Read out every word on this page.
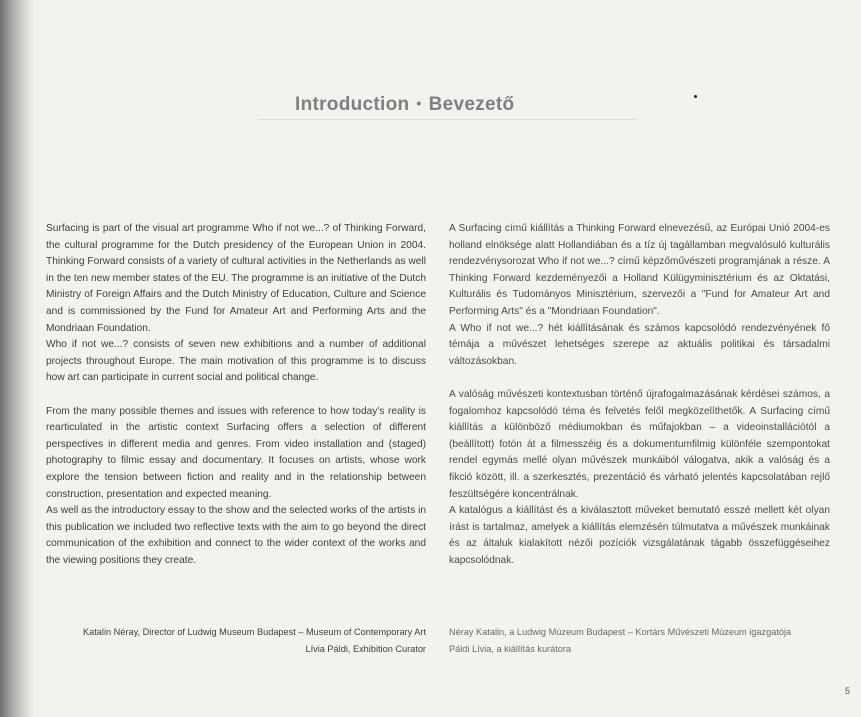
Introduction • Bevezető

Surfacing is part of the visual art programme Who if not we...? of Thinking Forward, the cultural programme for the Dutch presidency of the European Union in 2004. Thinking Forward consists of a variety of cultural activities in the Netherlands as well in the ten new member states of the EU. The programme is an initiative of the Dutch Ministry of Foreign Affairs and the Dutch Ministry of Education, Culture and Science and is commissioned by the Fund for Amateur Art and Performing Arts and the Mondriaan Foundation.

Who if not we...? consists of seven new exhibitions and a number of additional projects throughout Europe. The main motivation of this programme is to discuss how art can participate in current social and political change.

From the many possible themes and issues with reference to how today's reality is rearticulated in the artistic context Surfacing offers a selection of different perspectives in different media and genres. From video installation and (staged) photography to filmic essay and documentary. It focuses on artists, whose work explore the tension between fiction and reality and in the relationship between construction, presentation and expected meaning.

As well as the introductory essay to the show and the selected works of the artists in this publication we included two reflective texts with the aim to go beyond the direct communication of the exhibition and connect to the wider context of the works and the viewing positions they create.

A Surfacing című kiállítás a Thinking Forward elnevezésű, az Európai Unió 2004-es holland elnöksége alatt Hollandiában és a tíz új tagállamban megvalósuló kulturális rendezvénysorozat Who if not we...? című képzőművészeti programjának a része. A Thinking Forward kezdeményezői a Holland Külügyminisztérium és az Oktatási, Kulturális és Tudományos Minisztérium, szervezői a "Fund for Amateur Art and Performing Arts" és a "Mondriaan Foundation".

A Who if not we...? hét kiállításának és számos kapcsolódó rendezvényének fő témája a művészet lehetséges szerepe az aktuális politikai és társadalmi változásokban.

A valóság művészeti kontextusban történő újrafogalmazásának kérdései számos, a fogalomhoz kapcsolódó téma és felvetés felől megközelíthetők. A Surfacing című kiállítás a különböző médiumokban és műfajokban – a videoinstallációtól a (beállított) fotón át a filmesszéig és a dokumentumfilmig különféle szempontokat rendel egymás mellé olyan művészek munkáiból válogatva, akik a valóság és a fikció között, ill. a szerkesztés, prezentáció és várható jelentés kapcsolatában rejlő feszültségére koncentrálnak.

A katalógus a kiállítást és a kiválasztott műveket bemutató esszé mellett két olyan írást is tartalmaz, amelyek a kiállítás elemzésén túlmutatva a művészek munkáinak és az általuk kialakított nézői pozíciók vizsgálatának tágabb összefüggéseihez kapcsolódnak.

Katalin Néray, Director of Ludwig Museum Budapest – Museum of Contemporary Art
Lívia Páldi, Exhibition Curator
Néray Katalin, a Ludwig Múzeum Budapest – Kortárs Művészeti Múzeum igazgatója
Páldi Lívia, a kiállítás kurátora
5
